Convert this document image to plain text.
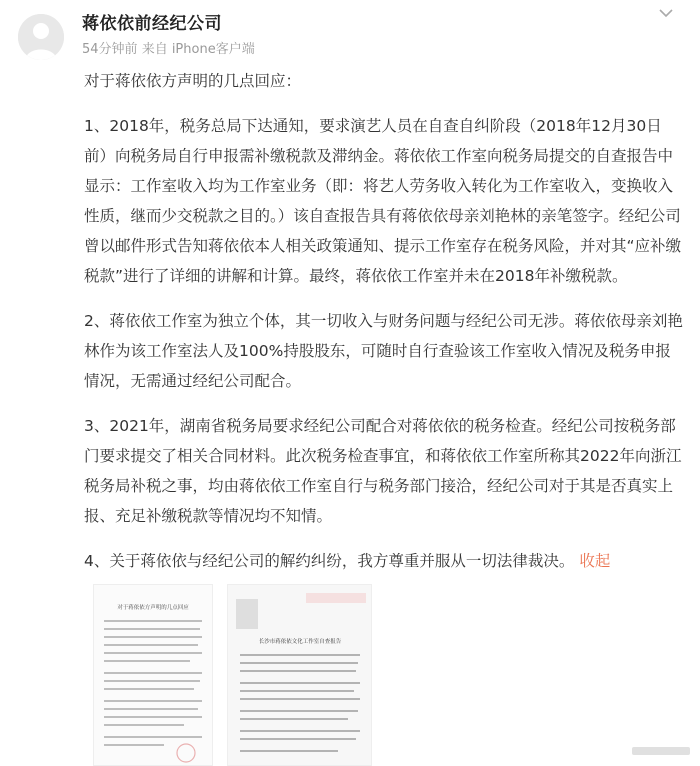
蒋依依前经纪公司
54分钟前 来自 iPhone客户端

对于蒋依依方声明的几点回应：

1、2018年，税务总局下达通知，要求演艺人员在自查自纠阶段（2018年12月30日前）向税务局自行申报需补缴税款及滞纳金。蒋依依工作室向税务局提交的自查报告中显示：工作室收入均为工作室业务（即：将艺人劳务收入转化为工作室收入，变换收入性质，继而少交税款之目的。）该自查报告具有蒋依依母亲刘艳林的亲笔签字。经纪公司曾以邮件形式告知蒋依依本人相关政策通知、提示工作室存在税务风险，并对其“应补缴税款”进行了详细的讲解和计算。最终，蒋依依工作室并未在2018年补缴税款。

2、蒋依依工作室为独立个体，其一切收入与财务问题与经纪公司无涉。蒋依依母亲刘艳林作为该工作室法人及100%持股股东，可随时自行查验该工作室收入情况及税务申报情况，无需通过经纪公司配合。

3、2021年，湖南省税务局要求经纪公司配合对蒋依依的税务检查。经纪公司按税务部门要求提交了相关合同材料。此次税务检查事宜，和蒋依依工作室所称其2022年向浙江税务局补税之事，均由蒋依依工作室自行与税务部门接洽，经纪公司对于其是否真实上报、充足补缴税款等情况均不知情。

4、关于蒋依依与经纪公司的解约纠纷，我方尊重并服从一切法律裁决。 收起

对于蒋依依方声明的几点回应
长沙市蒋依依文化工作室自查报告
